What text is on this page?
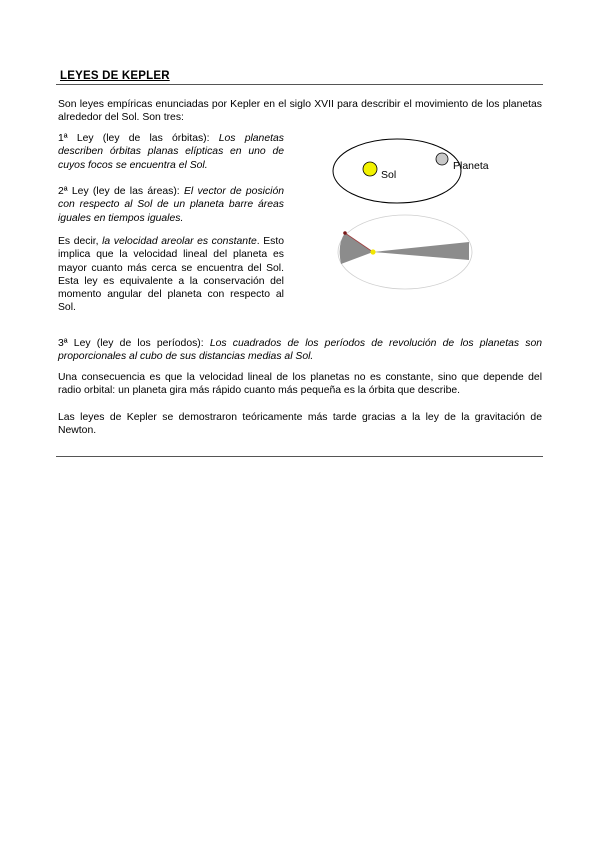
LEYES DE KEPLER

Son leyes empíricas enunciadas por Kepler en el siglo XVII para describir el movimiento de los planetas alrededor del Sol. Son tres:

1ª Ley (ley de las órbitas): Los planetas describen órbitas planas elípticas en uno de cuyos focos se encuentra el Sol.

2ª Ley (ley de las áreas): El vector de posición con respecto al Sol de un planeta barre áreas iguales en tiempos iguales.

Es decir, la velocidad areolar es constante. Esto implica que la velocidad lineal del planeta es mayor cuanto más cerca se encuentra del Sol. Esta ley es equivalente a la conservación del momento angular del planeta con respecto al Sol.

Sol
Planeta

3ª Ley (ley de los períodos): Los cuadrados de los períodos de revolución de los planetas son proporcionales al cubo de sus distancias medias al Sol.

Una consecuencia es que la velocidad lineal de los planetas no es constante, sino que depende del radio orbital: un planeta gira más rápido cuanto más pequeña es la órbita que describe.

Las leyes de Kepler se demostraron teóricamente más tarde gracias a la ley de la gravitación de Newton.
